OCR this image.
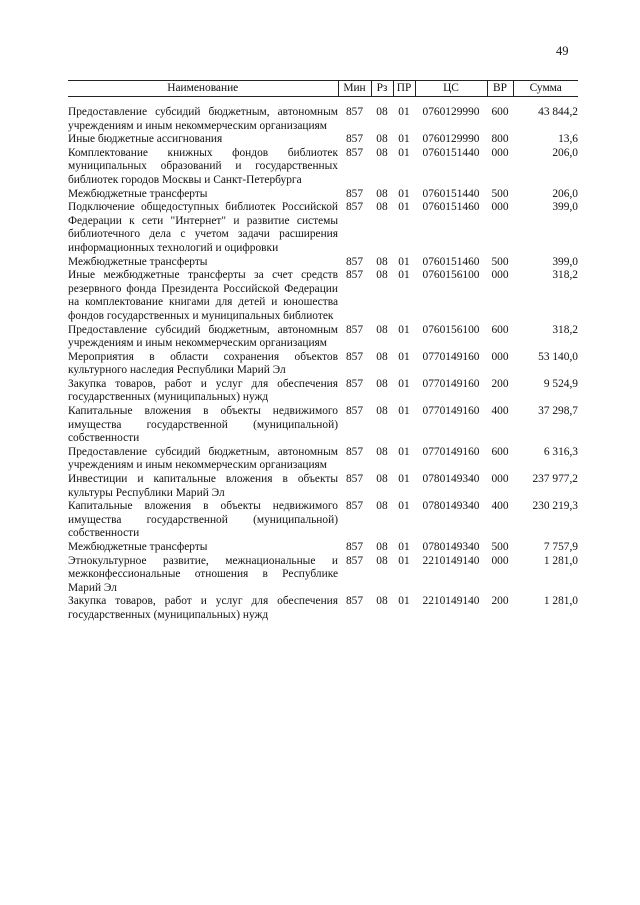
49
Наименование	Мин	Рз	ПР	ЦС	ВР	Сумма
Предоставление субсидий бюджетным, автономным учреждениям и иным некоммерческим организациям	857	08	01	0760129990	600	43 844,2
Иные бюджетные ассигнования	857	08	01	0760129990	800	13,6
Комплектование книжных фондов библиотек муниципальных образований и государственных библиотек городов Москвы и Санкт-Петербурга	857	08	01	0760151440	000	206,0
Межбюджетные трансферты	857	08	01	0760151440	500	206,0
Подключение общедоступных библиотек Российской Федерации к сети "Интернет" и развитие системы библиотечного дела с учетом задачи расширения информационных технологий и оцифровки	857	08	01	0760151460	000	399,0
Межбюджетные трансферты	857	08	01	0760151460	500	399,0
Иные межбюджетные трансферты за счет средств резервного фонда Президента Российской Федерации на комплектование книгами для детей и юношества фондов государственных и муниципальных библиотек	857	08	01	0760156100	000	318,2
Предоставление субсидий бюджетным, автономным учреждениям и иным некоммерческим организациям	857	08	01	0760156100	600	318,2
Мероприятия в области сохранения объектов культурного наследия Республики Марий Эл	857	08	01	0770149160	000	53 140,0
Закупка товаров, работ и услуг для обеспечения государственных (муниципальных) нужд	857	08	01	0770149160	200	9 524,9
Капитальные вложения в объекты недвижимого имущества государственной (муниципальной) собственности	857	08	01	0770149160	400	37 298,7
Предоставление субсидий бюджетным, автономным учреждениям и иным некоммерческим организациям	857	08	01	0770149160	600	6 316,3
Инвестиции и капитальные вложения в объекты культуры Республики Марий Эл	857	08	01	0780149340	000	237 977,2
Капитальные вложения в объекты недвижимого имущества государственной (муниципальной) собственности	857	08	01	0780149340	400	230 219,3
Межбюджетные трансферты	857	08	01	0780149340	500	7 757,9
Этнокультурное развитие, межнациональные и межконфессиональные отношения в Республике Марий Эл	857	08	01	2210149140	000	1 281,0
Закупка товаров, работ и услуг для обеспечения государственных (муниципальных) нужд	857	08	01	2210149140	200	1 281,0
